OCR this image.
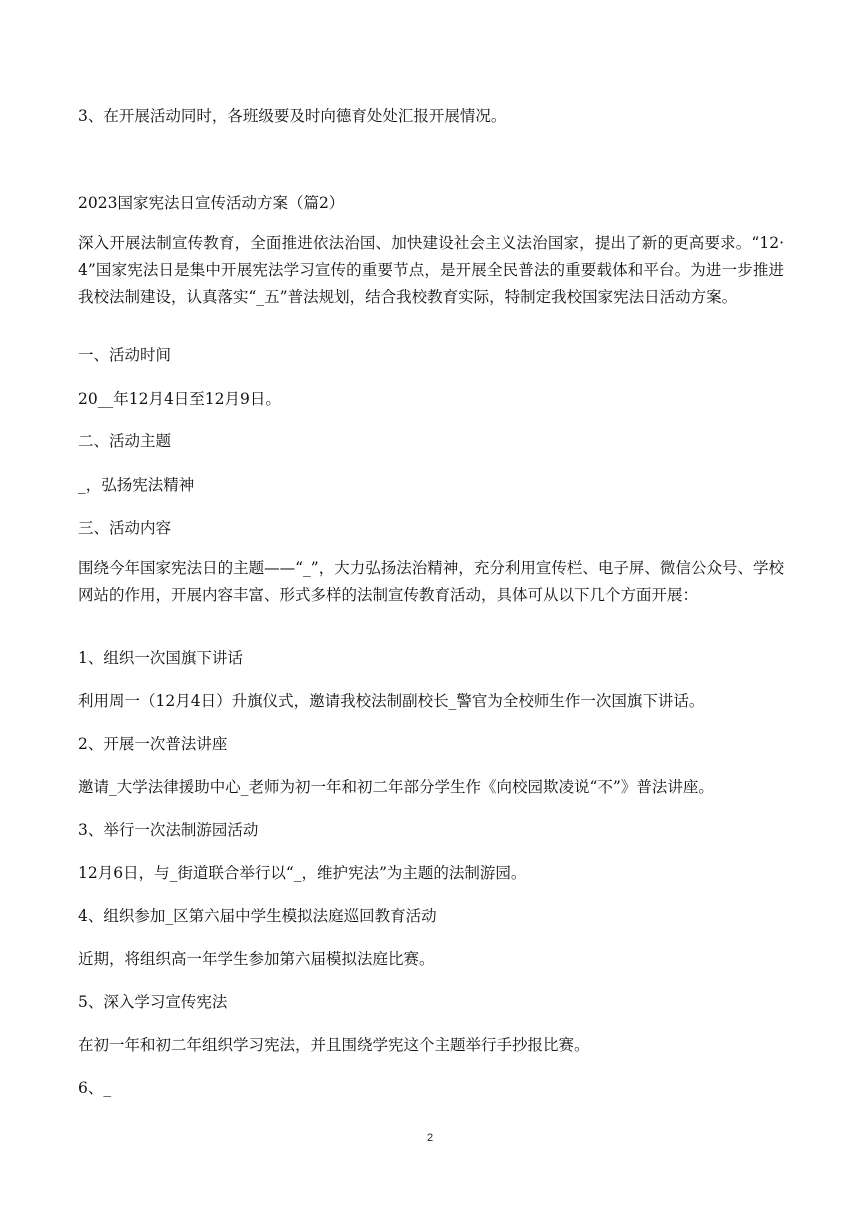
3、在开展活动同时，各班级要及时向德育处处汇报开展情况。

2023国家宪法日宣传活动方案（篇2）

深入开展法制宣传教育，全面推进依法治国、加快建设社会主义法治国家，提出了新的更高要求。“12·4”国家宪法日是集中开展宪法学习宣传的重要节点，是开展全民普法的重要载体和平台。为进一步推进我校法制建设，认真落实“_五”普法规划，结合我校教育实际，特制定我校国家宪法日活动方案。

一、活动时间

20__年12月4日至12月9日。

二、活动主题

_，弘扬宪法精神

三、活动内容

围绕今年国家宪法日的主题——“_”，大力弘扬法治精神，充分利用宣传栏、电子屏、微信公众号、学校网站的作用，开展内容丰富、形式多样的法制宣传教育活动，具体可从以下几个方面开展：

1、组织一次国旗下讲话

利用周一（12月4日）升旗仪式，邀请我校法制副校长_警官为全校师生作一次国旗下讲话。

2、开展一次普法讲座

邀请_大学法律援助中心_老师为初一年和初二年部分学生作《向校园欺凌说“不”》普法讲座。

3、举行一次法制游园活动

12月6日，与_街道联合举行以“_，维护宪法”为主题的法制游园。

4、组织参加_区第六届中学生模拟法庭巡回教育活动

近期，将组织高一年学生参加第六届模拟法庭比赛。

5、深入学习宣传宪法

在初一年和初二年组织学习宪法，并且围绕学宪这个主题举行手抄报比赛。

6、_

2
